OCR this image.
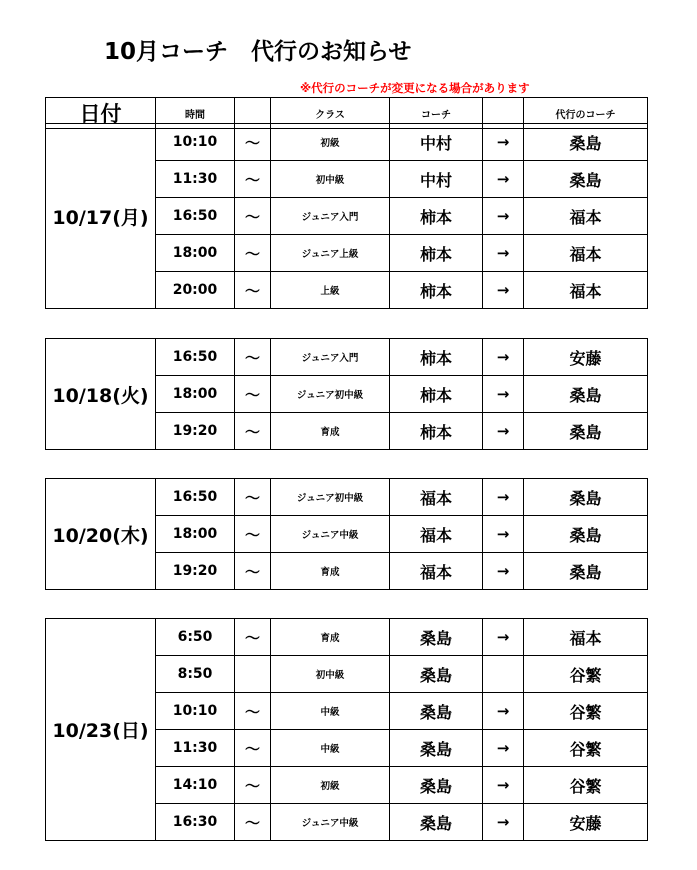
10月コーチ　代行のお知らせ
※代行のコーチが変更になる場合があります
日付	時間		クラス	コーチ		代行のコーチ
10/17(月)	10:10	〜	初級	中村	→	桑島
	11:30	〜	初中級	中村	→	桑島
	16:50	〜	ジュニア入門	柿本	→	福本
	18:00	〜	ジュニア上級	柿本	→	福本
	20:00	〜	上級	柿本	→	福本
10/18(火)	16:50	〜	ジュニア入門	柿本	→	安藤
	18:00	〜	ジュニア初中級	柿本	→	桑島
	19:20	〜	育成	柿本	→	桑島
10/20(木)	16:50	〜	ジュニア初中級	福本	→	桑島
	18:00	〜	ジュニア中級	福本	→	桑島
	19:20	〜	育成	福本	→	桑島
10/23(日)	6:50	〜	育成	桑島	→	福本
	8:50		初中級	桑島		谷繁
	10:10	〜	中級	桑島	→	谷繁
	11:30	〜	中級	桑島	→	谷繁
	14:10	〜	初級	桑島	→	谷繁
	16:30	〜	ジュニア中級	桑島	→	安藤
